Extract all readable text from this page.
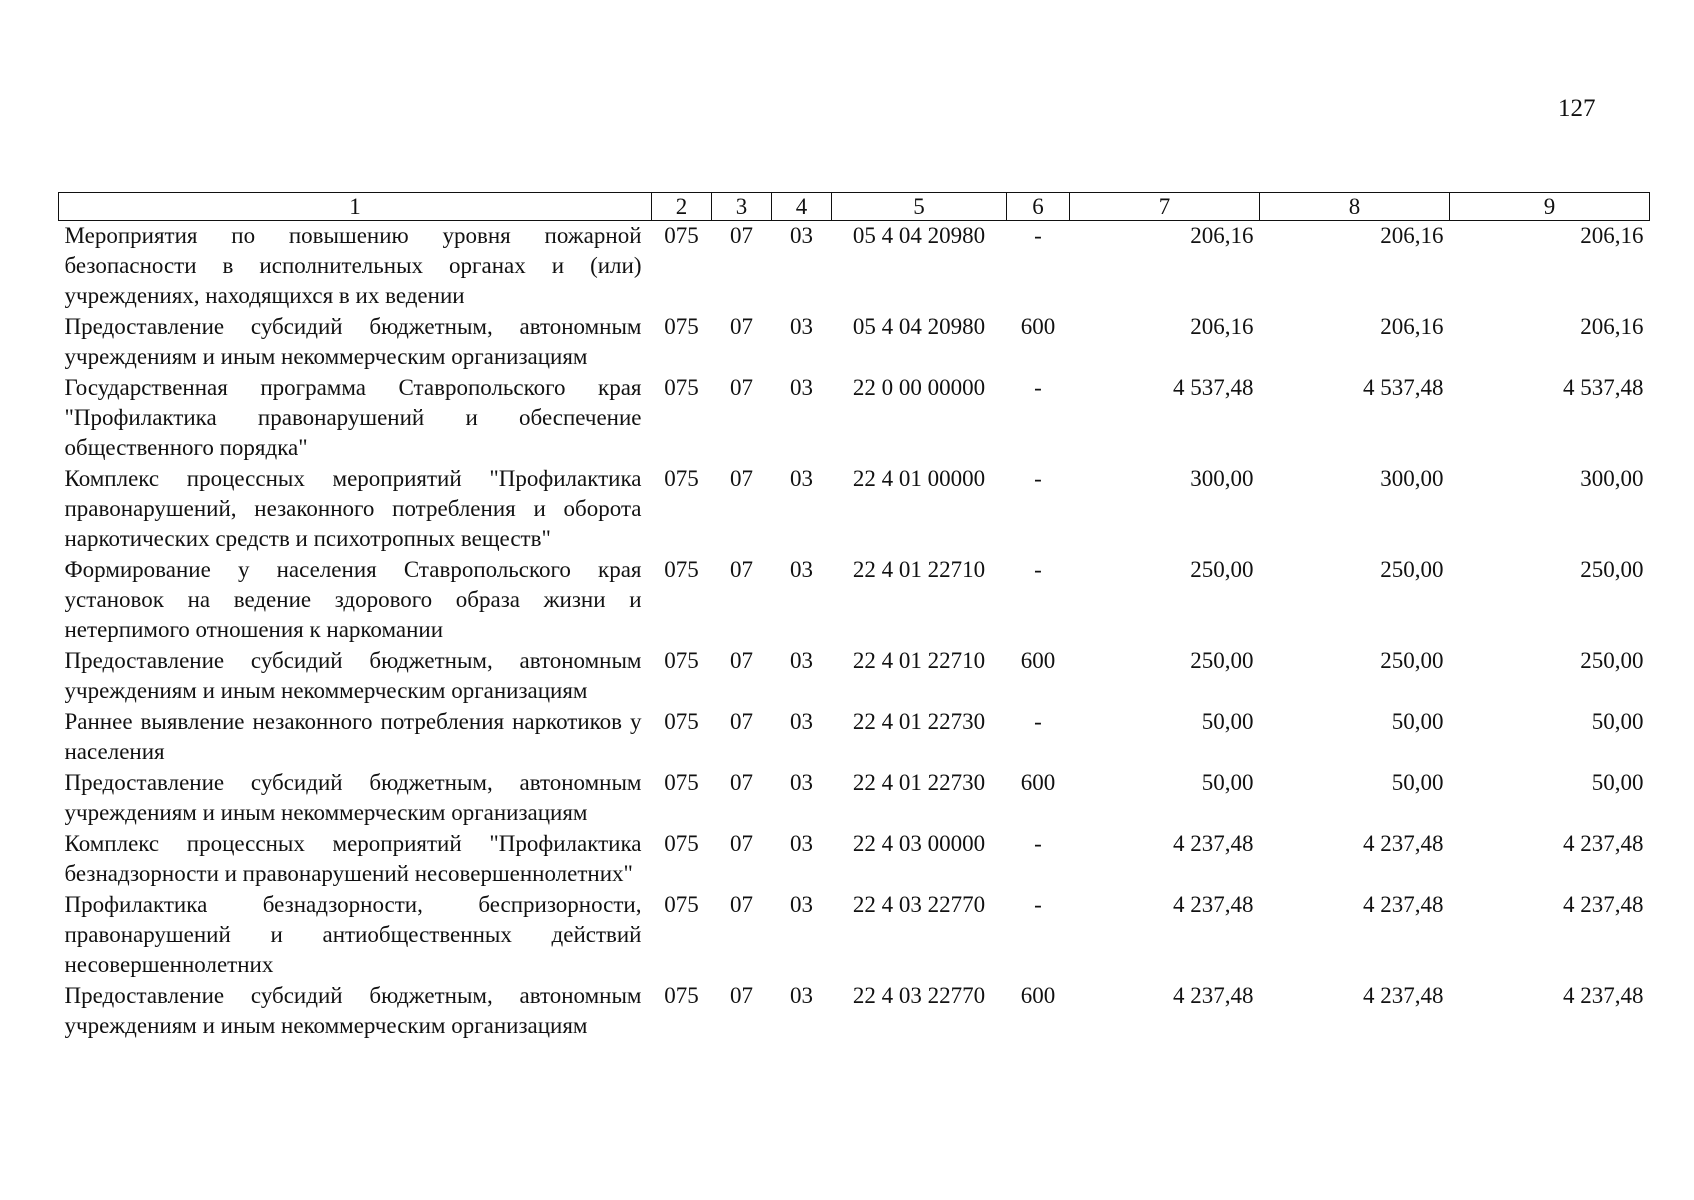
127
1	2	3	4	5	6	7	8	9
Мероприятия по повышению уровня пожарной безопасности в исполнительных органах и (или) учреждениях, находящихся в их ведении	075	07	03	05 4 04 20980	-	206,16	206,16	206,16
Предоставление субсидий бюджетным, автономным учреждениям и иным некоммерческим организациям	075	07	03	05 4 04 20980	600	206,16	206,16	206,16
Государственная программа Ставропольского края "Профилактика правонарушений и обеспечение общественного порядка"	075	07	03	22 0 00 00000	-	4 537,48	4 537,48	4 537,48
Комплекс процессных мероприятий "Профилактика правонарушений, незаконного потребления и оборота наркотических средств и психотропных веществ"	075	07	03	22 4 01 00000	-	300,00	300,00	300,00
Формирование у населения Ставропольского края установок на ведение здорового образа жизни и нетерпимого отношения к наркомании	075	07	03	22 4 01 22710	-	250,00	250,00	250,00
Предоставление субсидий бюджетным, автономным учреждениям и иным некоммерческим организациям	075	07	03	22 4 01 22710	600	250,00	250,00	250,00
Раннее выявление незаконного потребления наркотиков у населения	075	07	03	22 4 01 22730	-	50,00	50,00	50,00
Предоставление субсидий бюджетным, автономным учреждениям и иным некоммерческим организациям	075	07	03	22 4 01 22730	600	50,00	50,00	50,00
Комплекс процессных мероприятий "Профилактика безнадзорности и правонарушений несовершеннолетних"	075	07	03	22 4 03 00000	-	4 237,48	4 237,48	4 237,48
Профилактика безнадзорности, беспризорности, правонарушений и антиобщественных действий несовершеннолетних	075	07	03	22 4 03 22770	-	4 237,48	4 237,48	4 237,48
Предоставление субсидий бюджетным, автономным учреждениям и иным некоммерческим организациям	075	07	03	22 4 03 22770	600	4 237,48	4 237,48	4 237,48
